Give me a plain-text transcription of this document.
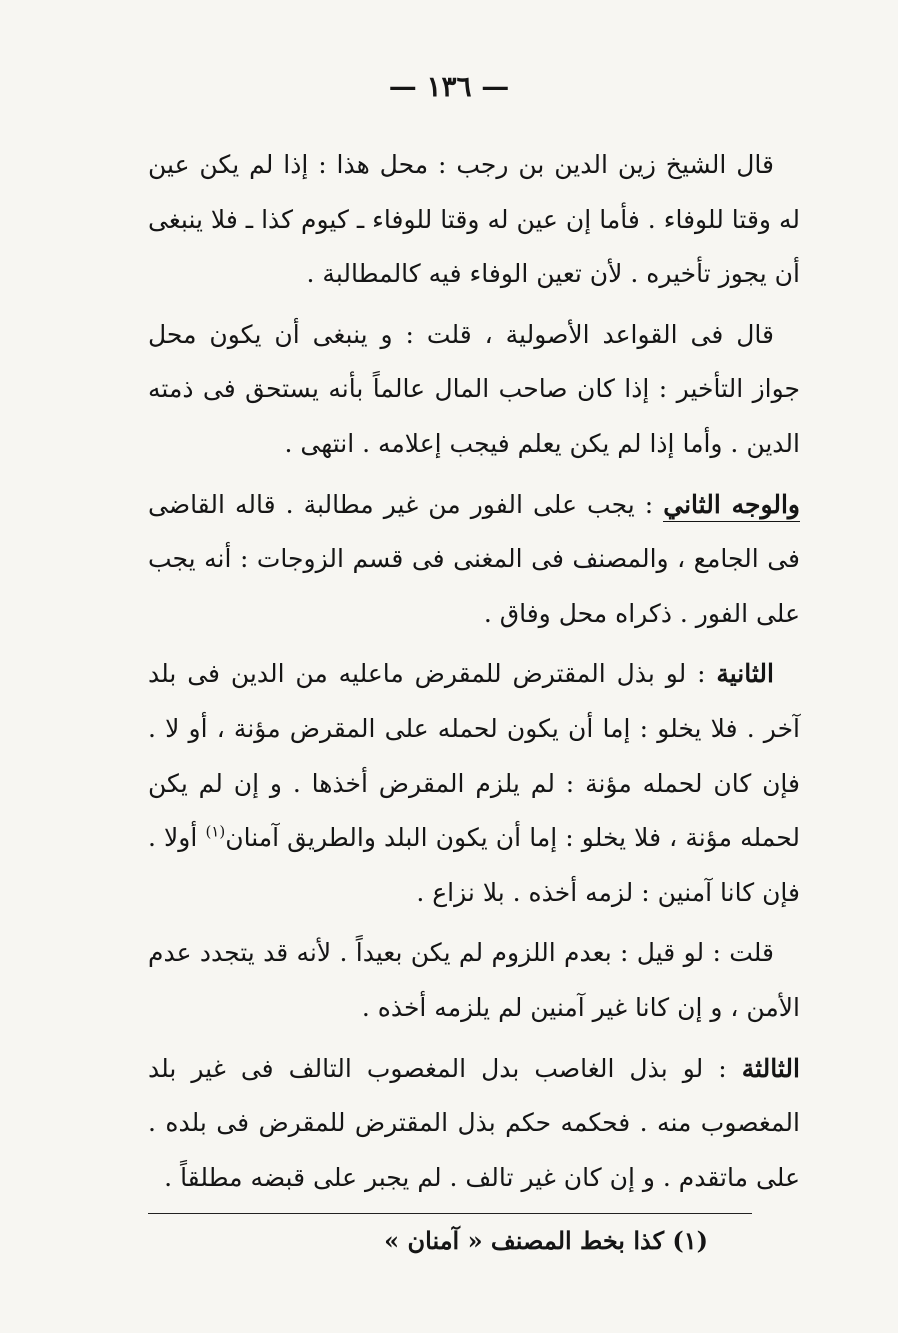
— ١٣٦ —

قال الشيخ زين الدين بن رجب : محل هذا : إذا لم يكن عين له وقتا للوفاء . فأما إن عين له وقتا للوفاء ـ كيوم كذا ـ فلا ينبغى أن يجوز تأخيره . لأن تعين الوفاء فيه كالمطالبة .

قال فى القواعد الأصولية ، قلت : و ينبغى أن يكون محل جواز التأخير : إذا كان صاحب المال عالماً بأنه يستحق فى ذمته الدين . وأما إذا لم يكن يعلم فيجب إعلامه . انتهى .

والوجه الثاني : يجب على الفور من غير مطالبة . قاله القاضى فى الجامع ، والمصنف فى المغنى فى قسم الزوجات : أنه يجب على الفور . ذكراه محل وفاق .

الثانية : لو بذل المقترض للمقرض ماعليه من الدين فى بلد آخر . فلا يخلو : إما أن يكون لحمله على المقرض مؤنة ، أو لا . فإن كان لحمله مؤنة : لم يلزم المقرض أخذها . و إن لم يكن لحمله مؤنة ، فلا يخلو : إما أن يكون البلد والطريق آمنان$^{(١)}$ أولا . فإن كانا آمنين : لزمه أخذه . بلا نزاع .

قلت : لو قيل : بعدم اللزوم لم يكن بعيداً . لأنه قد يتجدد عدم الأمن ، و إن كانا غير آمنين لم يلزمه أخذه .

الثالثة : لو بذل الغاصب بدل المغصوب التالف فى غير بلد المغصوب منه . فحكمه حكم بذل المقترض للمقرض فى بلده . على ماتقدم . و إن كان غير تالف . لم يجبر على قبضه مطلقاً .

(١) كذا بخط المصنف « آمنان »
